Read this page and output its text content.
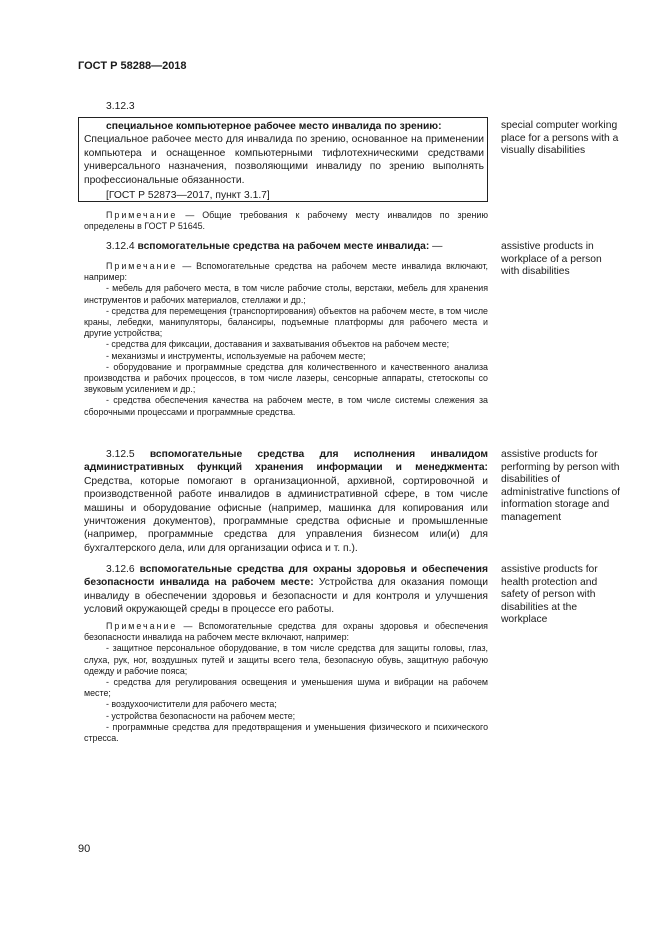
ГОСТ Р 58288—2018

3.12.3

специальное компьютерное рабочее место инвалида по зрению:

Специальное рабочее место для инвалида по зрению, основанное на применении компьютера и оснащенное компьютерными тифлотехническими средствами универсального назначения, позволяющими инвалиду по зрению выполнять профессиональные обязанности.

[ГОСТ Р 52873—2017, пункт 3.1.7]

special computer working place for a persons with a visually disabilities

Примечание — Общие требования к рабочему месту инвалидов по зрению определены в ГОСТ Р 51645.

3.12.4 вспомогательные средства на рабочем месте инвалида: —	assistive products in workplace of a person with disabilities

Примечание — Вспомогательные средства на рабочем месте инвалида включают, например:

- мебель для рабочего места, в том числе рабочие столы, верстаки, мебель для хранения инструментов и рабочих материалов, стеллажи и др.;

- средства для перемещения (транспортирования) объектов на рабочем месте, в том числе краны, лебедки, манипуляторы, балансиры, подъемные платформы для рабочего места и другие устройства;

- средства для фиксации, доставания и захватывания объектов на рабочем месте;

- механизмы и инструменты, используемые на рабочем месте;

- оборудование и программные средства для количественного и качественного анализа производства и рабочих процессов, в том числе лазеры, сенсорные аппараты, стетоскопы со звуковым усилением и др.;

- средства обеспечения качества на рабочем месте, в том числе системы слежения за сборочными процессами и программные средства.

3.12.5 вспомогательные средства для исполнения инвалидом административных функций хранения информации и менеджмента: Средства, которые помогают в организационной, архивной, сортировочной и производственной работе инвалидов в административной сфере, в том числе машины и оборудование офисные (например, машинка для копирования или уничтожения документов), программные средства офисные и промышленные (например, программные средства для управления бизнесом или(и) для бухгалтерского дела, или для организации офиса и т. п.).

assistive products for performing by person with disabilities of administrative functions of information storage and management

3.12.6 вспомогательные средства для охраны здоровья и обеспечения безопасности инвалида на рабочем месте: Устройства для оказания помощи инвалиду в обеспечении здоровья и безопасности и для контроля и улучшения условий окружающей среды в процессе его работы.

assistive products for health protection and safety of person with disabilities at the workplace

Примечание — Вспомогательные средства для охраны здоровья и обеспечения безопасности инвалида на рабочем месте включают, например:

- защитное персональное оборудование, в том числе средства для защиты головы, глаз, слуха, рук, ног, воздушных путей и защиты всего тела, безопасную обувь, защитную рабочую одежду и рабочие пояса;

- средства для регулирования освещения и уменьшения шума и вибрации на рабочем месте;

- воздухоочистители для рабочего места;

- устройства безопасности на рабочем месте;

- программные средства для предотвращения и уменьшения физического и психического стресса.

90
